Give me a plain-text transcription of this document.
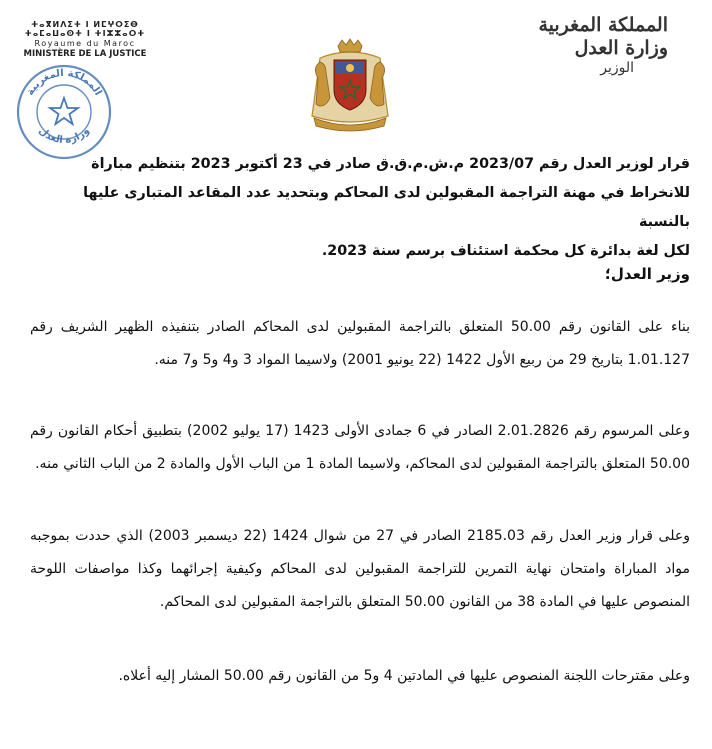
المملكة المغربية
وزارة العدل
الوزير
ⵜⴰⴳⵍⴷⵉⵜ ⵏ ⵍⵎⵖⵔⵉⴱ ⵜⴰⵎⴰⵡⴰⵙⵜ ⵏ ⵜⵏⵣⵣⴰⵔⵜ
Royaume du Maroc
MINISTÈRE DE LA JUSTICE
المملكة المغربية
وزارة العدل
قرار لوزير العدل رقم 2023/07 م.ش.م.ق.ق صادر في 23 أكتوبر 2023 بتنظيم مباراة
للانخراط في مهنة التراجمة المقبولين لدى المحاكم وبتحديد عدد المقاعد المتبارى عليها بالنسبة
لكل لغة بدائرة كل محكمة استئناف برسم سنة 2023.
وزير العدل؛
بناء على القانون رقم 50.00 المتعلق بالتراجمة المقبولين لدى المحاكم الصادر بتنفيذه الظهير الشريف رقم 1.01.127 بتاريخ 29 من ربيع الأول 1422 (22 يونيو 2001) ولاسيما المواد 3 و4 و5 و7 منه.
وعلى المرسوم رقم 2.01.2826 الصادر في 6 جمادى الأولى 1423 (17 يوليو 2002) بتطبيق أحكام القانون رقم 50.00 المتعلق بالتراجمة المقبولين لدى المحاكم، ولاسيما المادة 1 من الباب الأول والمادة 2 من الباب الثاني منه.
وعلى قرار وزير العدل رقم 2185.03 الصادر في 27 من شوال 1424 (22 ديسمبر 2003) الذي حددت بموجبه مواد المباراة وامتحان نهاية التمرين للتراجمة المقبولين لدى المحاكم وكيفية إجرائهما وكذا مواصفات اللوحة المنصوص عليها في المادة 38 من القانون 50.00 المتعلق بالتراجمة المقبولين لدى المحاكم.
وعلى مقترحات اللجنة المنصوص عليها في المادتين 4 و5 من القانون رقم 50.00 المشار إليه أعلاه.
